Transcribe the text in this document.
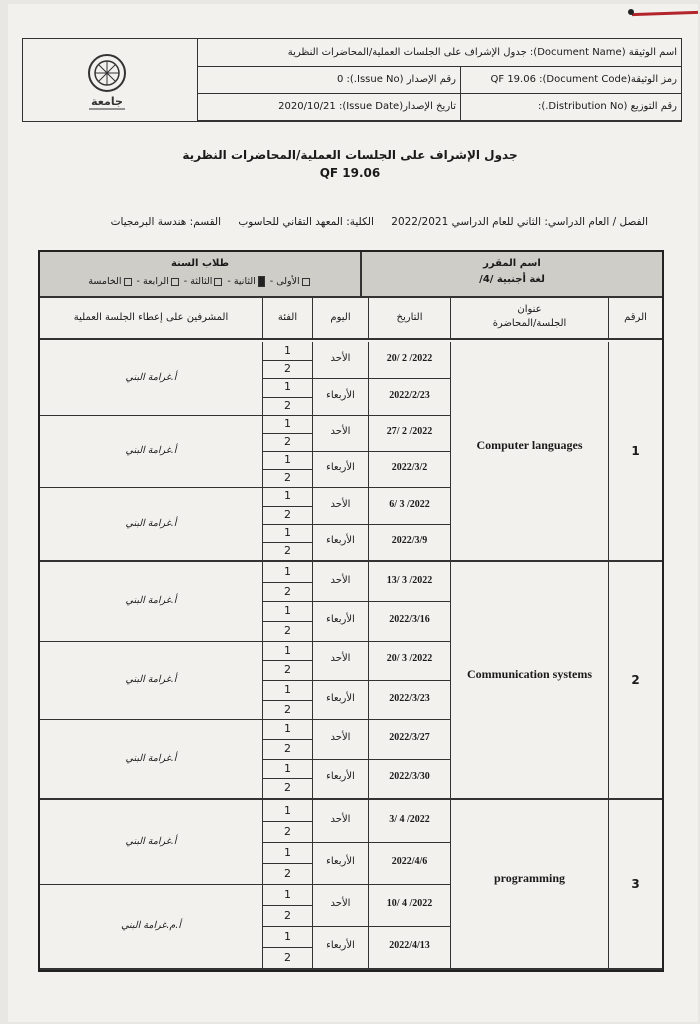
جامعة
اسم الوثيقة (Document Name): جدول الإشراف على الجلسات العملية/المحاضرات النظرية
رمز الوثيقة(Document Code): QF 19.06
رقم الإصدار (Issue No.): 0
رقم التوزيع (Distribution No.):
تاريخ الإصدار(Issue Date): 2020/10/21
جدول الإشراف على الجلسات العملية/المحاضرات النظرية
QF 19.06
الفصل / العام الدراسي: الثاني للعام الدراسي 2022/2021 الكلية: المعهد التقاني للحاسوب القسم: هندسة البرمجيات
اسم المقرر
لغة أجنبية /4/
طلاب السنة
الأولى - الثانية - الثالثة - الرابعة - الخامسة
الرقم
عنوان
الجلسة/المحاضرة
التاريخ
اليوم
الفئة
المشرفين على إعطاء الجلسة العملية
1
Computer languages
20/ 2 /2022
الأحد
1
2
أ.غرامة البني
2022/2/23
الأربعاء
1
2
27/ 2 /2022
الأحد
1
2
أ.غرامة البني
2022/3/2
الأربعاء
1
2
6/ 3 /2022
الأحد
1
2
أ.غرامة البني
2022/3/9
الأربعاء
1
2
2
Communication systems
13/ 3 /2022
الأحد
1
2
أ.غرامة البني
2022/3/16
الأربعاء
1
2
20/ 3 /2022
الأحد
1
2
أ.غرامة البني
2022/3/23
الأربعاء
1
2
2022/3/27
الأحد
1
2
أ.غرامة البني
2022/3/30
الأربعاء
1
2
3
programming
3/ 4 /2022
الأحد
1
2
أ.غرامة البني
2022/4/6
الأربعاء
1
2
10/ 4 /2022
الأحد
1
2
أ.م.غرامة البني
2022/4/13
الأربعاء
1
2
